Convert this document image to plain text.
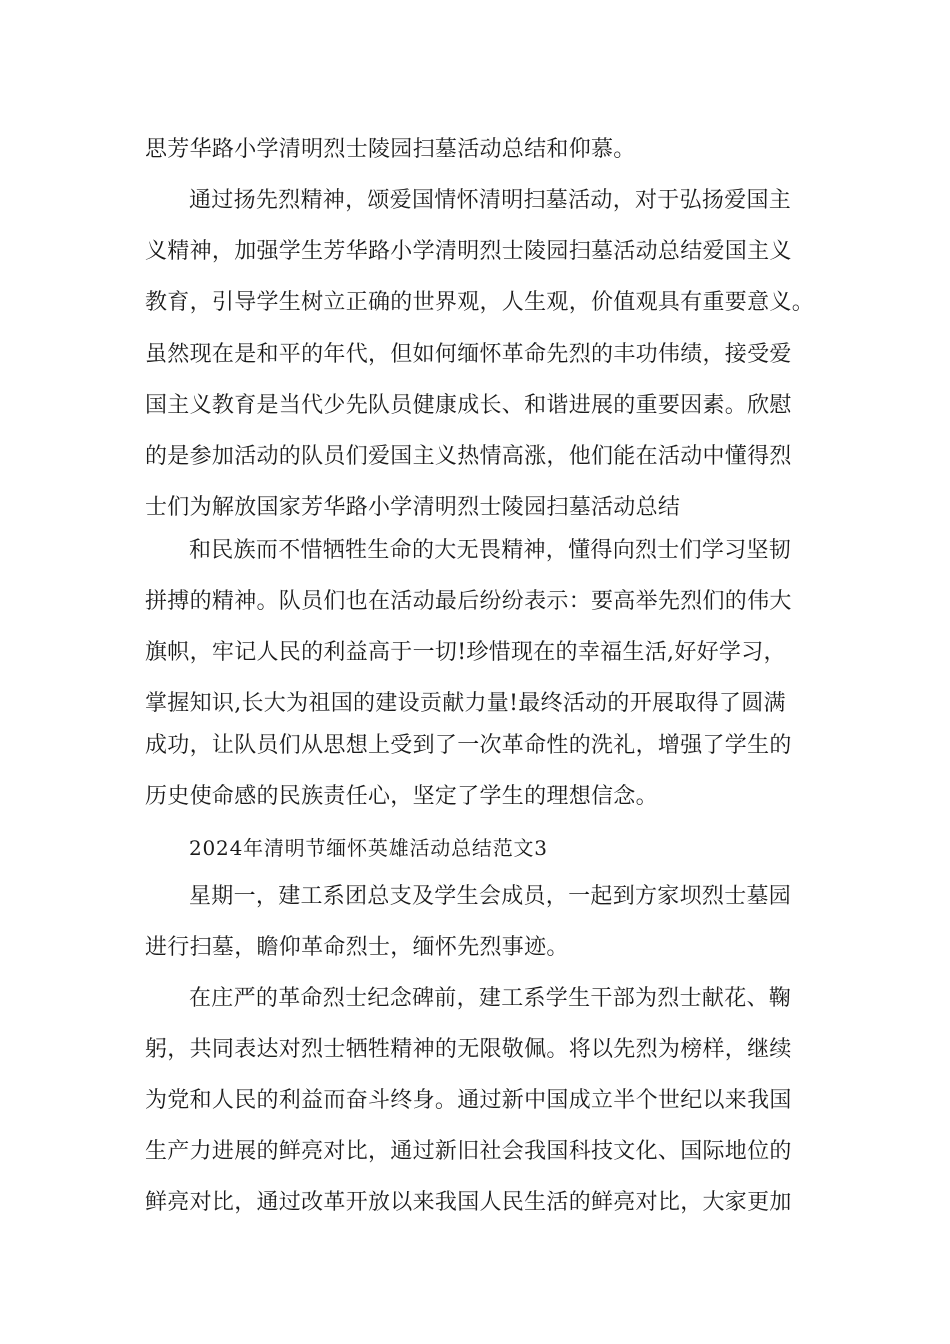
思芳华路小学清明烈士陵园扫墓活动总结和仰慕。
通过扬先烈精神，颂爱国情怀清明扫墓活动，对于弘扬爱国主
义精神，加强学生芳华路小学清明烈士陵园扫墓活动总结爱国主义
教育，引导学生树立正确的世界观，人生观，价值观具有重要意义。
虽然现在是和平的年代，但如何缅怀革命先烈的丰功伟绩，接受爱
国主义教育是当代少先队员健康成长、和谐进展的重要因素。欣慰
的是参加活动的队员们爱国主义热情高涨，他们能在活动中懂得烈
士们为解放国家芳华路小学清明烈士陵园扫墓活动总结
和民族而不惜牺牲生命的大无畏精神，懂得向烈士们学习坚韧
拼搏的精神。队员们也在活动最后纷纷表示：要高举先烈们的伟大
旗帜，牢记人民的利益高于一切!珍惜现在的幸福生活,好好学习，
掌握知识,长大为祖国的建设贡献力量!最终活动的开展取得了圆满
成功，让队员们从思想上受到了一次革命性的洗礼，增强了学生的
历史使命感的民族责任心，坚定了学生的理想信念。
2024年清明节缅怀英雄活动总结范文3
星期一，建工系团总支及学生会成员，一起到方家坝烈士墓园
进行扫墓，瞻仰革命烈士，缅怀先烈事迹。
在庄严的革命烈士纪念碑前，建工系学生干部为烈士献花、鞠
躬，共同表达对烈士牺牲精神的无限敬佩。将以先烈为榜样，继续
为党和人民的利益而奋斗终身。通过新中国成立半个世纪以来我国
生产力进展的鲜亮对比，通过新旧社会我国科技文化、国际地位的
鲜亮对比，通过改革开放以来我国人民生活的鲜亮对比，大家更加
